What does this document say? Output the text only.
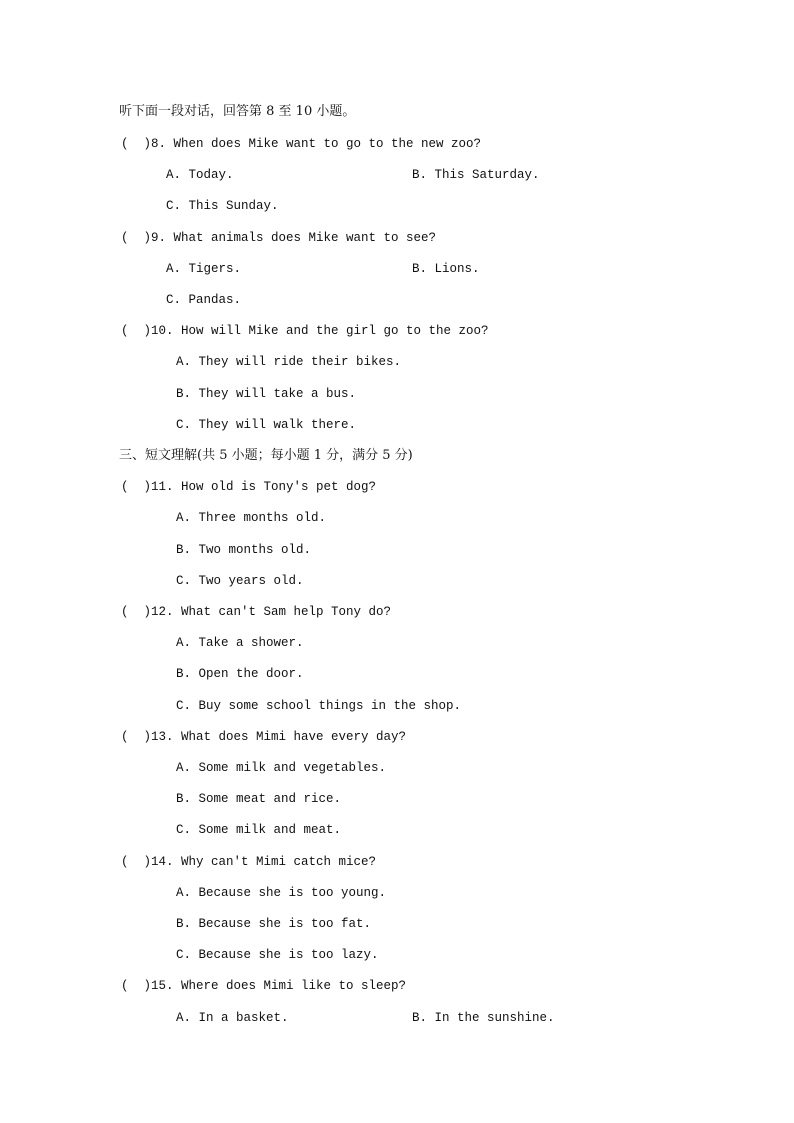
听下面一段对话，回答第 8 至 10 小题。
(  )8. When does Mike want to go to the new zoo?
A. Today.	B. This Saturday.
C. This Sunday.
(  )9. What animals does Mike want to see?
A. Tigers.	B. Lions.
C. Pandas.
(  )10. How will Mike and the girl go to the zoo?
A. They will ride their bikes.
B. They will take a bus.
C. They will walk there.
三、短文理解(共 5 小题；每小题 1 分，满分 5 分)
(  )11. How old is Tony's pet dog?
A. Three months old.
B. Two months old.
C. Two years old.
(  )12. What can't Sam help Tony do?
A. Take a shower.
B. Open the door.
C. Buy some school things in the shop.
(  )13. What does Mimi have every day?
A. Some milk and vegetables.
B. Some meat and rice.
C. Some milk and meat.
(  )14. Why can't Mimi catch mice?
A. Because she is too young.
B. Because she is too fat.
C. Because she is too lazy.
(  )15. Where does Mimi like to sleep?
A. In a basket.	B. In the sunshine.
